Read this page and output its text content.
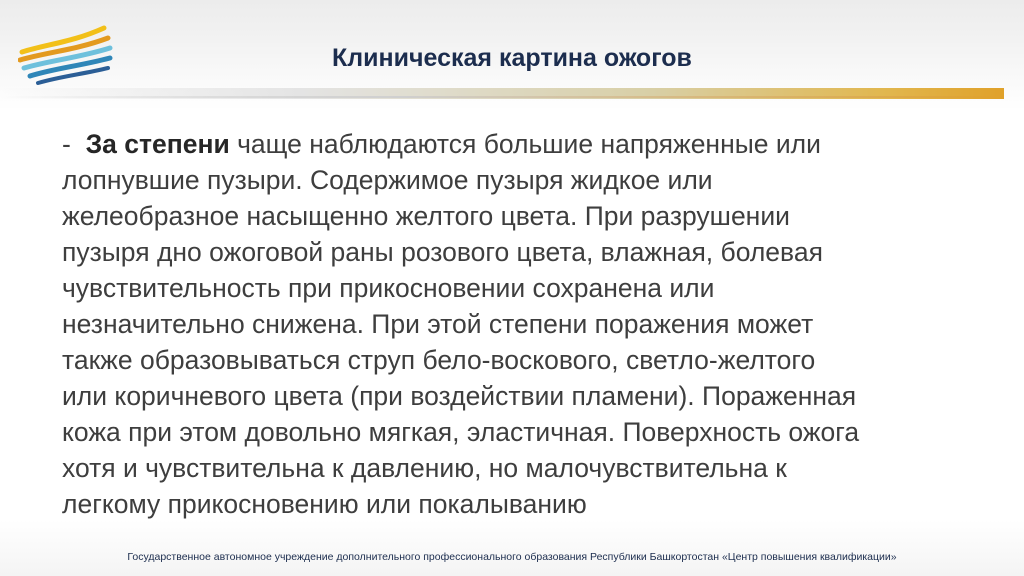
Клиническая картина ожогов
- За степени чаще наблюдаются большие напряженные или
лопнувшие пузыри. Содержимое пузыря жидкое или
желеобразное насыщенно желтого цвета. При разрушении
пузыря дно ожоговой раны розового цвета, влажная, болевая
чувствительность при прикосновении сохранена или
незначительно снижена. При этой степени поражения может
также образовываться струп бело-воскового, светло-желтого
или коричневого цвета (при воздействии пламени). Пораженная
кожа при этом довольно мягкая, эластичная. Поверхность ожога
хотя и чувствительна к давлению, но малочувствительна к
легкому прикосновению или покалыванию
Государственное автономное учреждение дополнительного профессионального образования Республики Башкортостан «Центр повышения квалификации»
